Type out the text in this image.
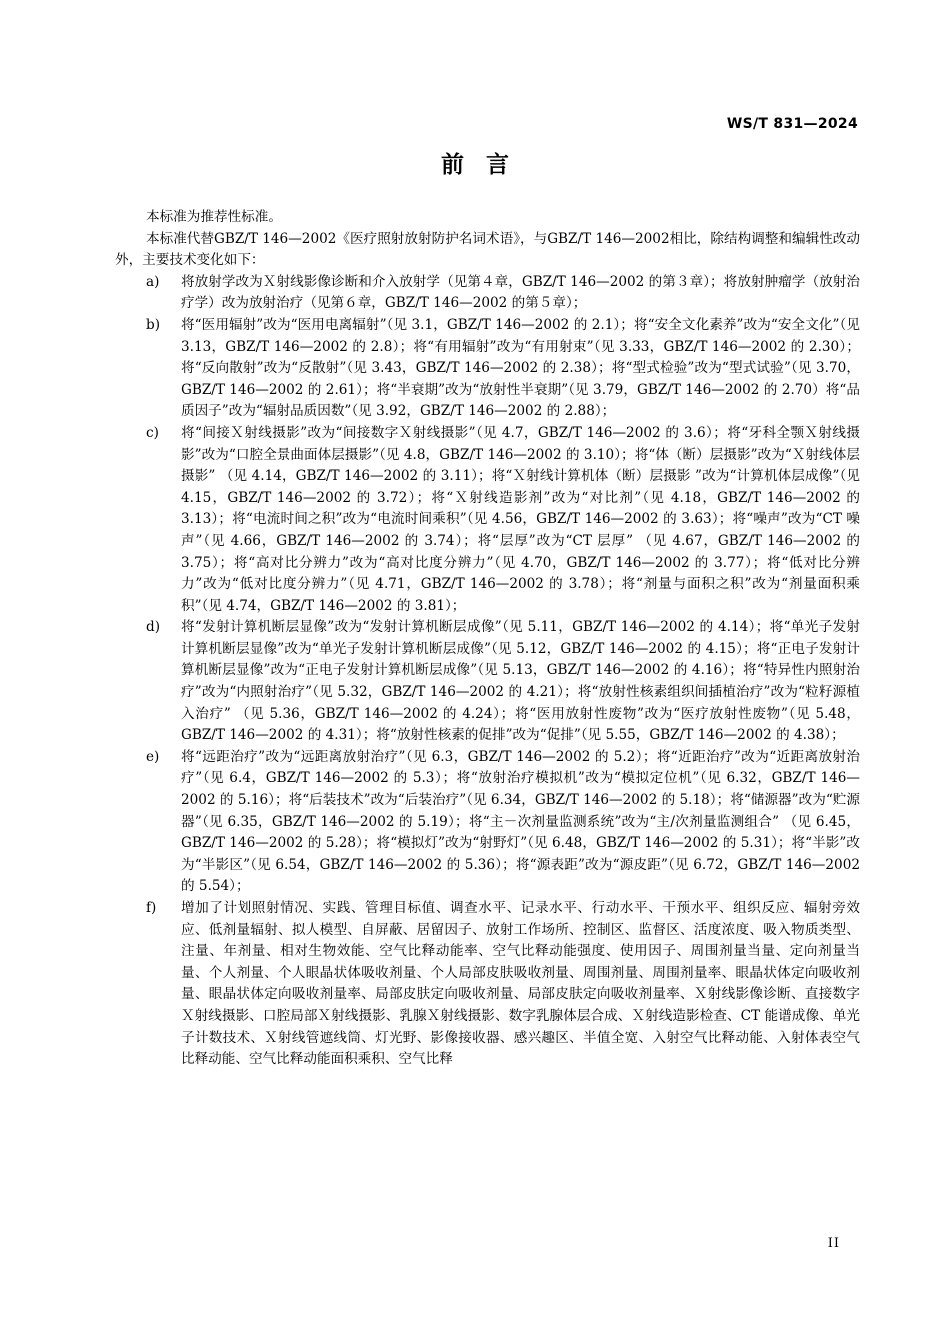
WS/T 831—2024
前言

本标准为推荐性标准。

本标准代替GBZ/T 146—2002《医疗照射放射防护名词术语》，与GBZ/T 146—2002相比，除结构调整和编辑性改动外，主要技术变化如下：

a) 将放射学改为Ｘ射线影像诊断和介入放射学（见第４章，GBZ/T 146—2002 的第３章）；将放射肿瘤学（放射治疗学）改为放射治疗（见第６章，GBZ/T 146—2002 的第５章）；
b) 将“医用辐射”改为“医用电离辐射”（见 3.1，GBZ/T 146—2002 的 2.1）；将“安全文化素养”改为“安全文化”（见 3.13，GBZ/T 146—2002 的 2.8）；将“有用辐射”改为“有用射束”（见 3.33，GBZ/T 146—2002 的 2.30）；将“反向散射”改为“反散射”（见 3.43，GBZ/T 146—2002 的 2.38）；将“型式检验”改为“型式试验”（见 3.70，GBZ/T 146—2002 的 2.61）；将“半衰期”改为“放射性半衰期”（见 3.79，GBZ/T 146—2002 的 2.70）将“品质因子”改为“辐射品质因数”（见 3.92，GBZ/T 146—2002 的 2.88）；
c) 将“间接Ｘ射线摄影”改为“间接数字Ｘ射线摄影”（见 4.7，GBZ/T 146—2002 的 3.6）；将“牙科全颚Ｘ射线摄影”改为“口腔全景曲面体层摄影”（见 4.8，GBZ/T 146—2002 的 3.10）；将“体（断）层摄影”改为“Ｘ射线体层摄影” （见 4.14，GBZ/T 146—2002 的 3.11）；将“Ｘ射线计算机体（断）层摄影 ”改为“计算机体层成像”（见 4.15，GBZ/T 146—2002 的 3.72）；将“Ｘ射线造影剂”改为“对比剂”（见 4.18，GBZ/T 146—2002 的 3.13）；将“电流时间之积”改为“电流时间乘积”（见 4.56，GBZ/T 146—2002 的 3.63）；将“噪声”改为“CT 噪声”（见 4.66，GBZ/T 146—2002 的 3.74）；将“层厚”改为“CT 层厚” （见 4.67，GBZ/T 146—2002 的 3.75）；将“高对比分辨力”改为“高对比度分辨力”（见 4.70，GBZ/T 146—2002 的 3.77）；将“低对比分辨力”改为“低对比度分辨力”（见 4.71，GBZ/T 146—2002 的 3.78）；将“剂量与面积之积”改为“剂量面积乘积”（见 4.74，GBZ/T 146—2002 的 3.81）；
d) 将“发射计算机断层显像”改为“发射计算机断层成像”（见 5.11，GBZ/T 146—2002 的 4.14）；将“单光子发射计算机断层显像”改为“单光子发射计算机断层成像”（见 5.12，GBZ/T 146—2002 的 4.15）；将“正电子发射计算机断层显像”改为“正电子发射计算机断层成像”（见 5.13，GBZ/T 146—2002 的 4.16）；将“特异性内照射治疗”改为“内照射治疗”（见 5.32，GBZ/T 146—2002 的 4.21）；将“放射性核素组织间插植治疗”改为“粒籽源植入治疗” （见 5.36，GBZ/T 146—2002 的 4.24）；将“医用放射性废物”改为“医疗放射性废物”（见 5.48，GBZ/T 146—2002 的 4.31）；将“放射性核素的促排”改为“促排”（见 5.55，GBZ/T 146—2002 的 4.38）；
e) 将“远距治疗”改为“远距离放射治疗”（见 6.3，GBZ/T 146—2002 的 5.2）；将“近距治疗”改为“近距离放射治疗”（见 6.4，GBZ/T 146—2002 的 5.3）；将“放射治疗模拟机”改为“模拟定位机”（见 6.32，GBZ/T 146—2002 的 5.16）；将“后装技术”改为“后装治疗”（见 6.34，GBZ/T 146—2002 的 5.18）；将“储源器”改为“贮源器”（见 6.35，GBZ/T 146—2002 的 5.19）；将“主－次剂量监测系统”改为“主/次剂量监测组合” （见 6.45，GBZ/T 146—2002 的 5.28）；将“模拟灯”改为“射野灯”（见 6.48，GBZ/T 146—2002 的 5.31）；将“半影”改为“半影区”（见 6.54，GBZ/T 146—2002 的 5.36）；将“源表距”改为“源皮距”（见 6.72，GBZ/T 146—2002 的 5.54）；
f) 增加了计划照射情况、实践、管理目标值、调查水平、记录水平、行动水平、干预水平、组织反应、辐射旁效应、低剂量辐射、拟人模型、自屏蔽、居留因子、放射工作场所、控制区、监督区、活度浓度、吸入物质类型、注量、年剂量、相对生物效能、空气比释动能率、空气比释动能强度、使用因子、周围剂量当量、定向剂量当量、个人剂量、个人眼晶状体吸收剂量、个人局部皮肤吸收剂量、周围剂量、周围剂量率、眼晶状体定向吸收剂量、眼晶状体定向吸收剂量率、局部皮肤定向吸收剂量、局部皮肤定向吸收剂量率、Ｘ射线影像诊断、直接数字Ｘ射线摄影、口腔局部Ｘ射线摄影、乳腺Ｘ射线摄影、数字乳腺体层合成、Ｘ射线造影检查、CT 能谱成像、单光子计数技术、Ｘ射线管遮线筒、灯光野、影像接收器、感兴趣区、半值全宽、入射空气比释动能、入射体表空气比释动能、空气比释动能面积乘积、空气比释
II
